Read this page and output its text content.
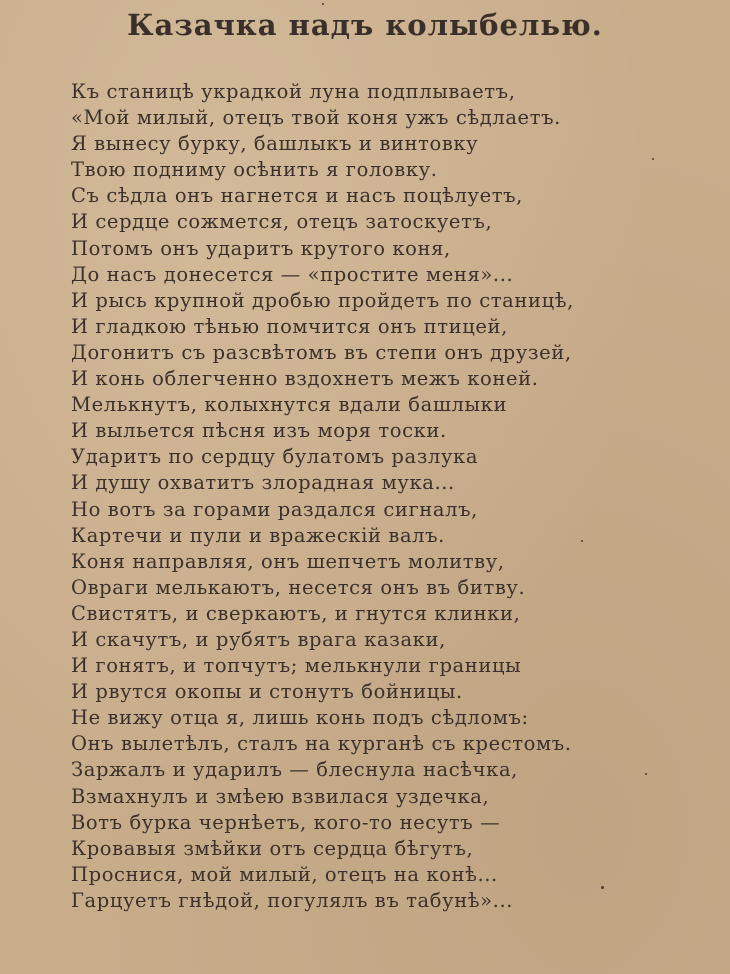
Казачка надъ колыбелью.
Къ станицѣ украдкой луна подплываетъ,
«Мой милый, отецъ твой коня ужъ сѣдлаетъ.
Я вынесу бурку, башлыкъ и винтовку
Твою подниму осѣнить я головку.
Съ сѣдла онъ нагнется и насъ поцѣлуетъ,
И сердце сожмется, отецъ затоскуетъ,
Потомъ онъ ударитъ крутого коня,
До насъ донесется — «простите меня»...
И рысь крупной дробью пройдетъ по станицѣ,
И гладкою тѣнью помчится онъ птицей,
Догонитъ съ разсвѣтомъ въ степи онъ друзей,
И конь облегченно вздохнетъ межъ коней.
Мелькнутъ, колыхнутся вдали башлыки
И выльется пѣсня изъ моря тоски.
Ударитъ по сердцу булатомъ разлука
И душу охватитъ злорадная мука...
Но вотъ за горами раздался сигналъ,
Картечи и пули и вражескій валъ.
Коня направляя, онъ шепчетъ молитву,
Овраги мелькаютъ, несется онъ въ битву.
Свистятъ, и сверкаютъ, и гнутся клинки,
И скачутъ, и рубятъ врага казаки,
И гонятъ, и топчутъ; мелькнули границы
И рвутся окопы и стонутъ бойницы.
Не вижу отца я, лишь конь подъ сѣдломъ:
Онъ вылетѣлъ, сталъ на курганѣ съ крестомъ.
Заржалъ и ударилъ — блеснула насѣчка,
Взмахнулъ и змѣею взвилася уздечка,
Вотъ бурка чернѣетъ, кого-то несутъ —
Кровавыя змѣйки отъ сердца бѣгутъ,
Проснися, мой милый, отецъ на конѣ...
Гарцуетъ гнѣдой, погулялъ въ табунѣ»...
